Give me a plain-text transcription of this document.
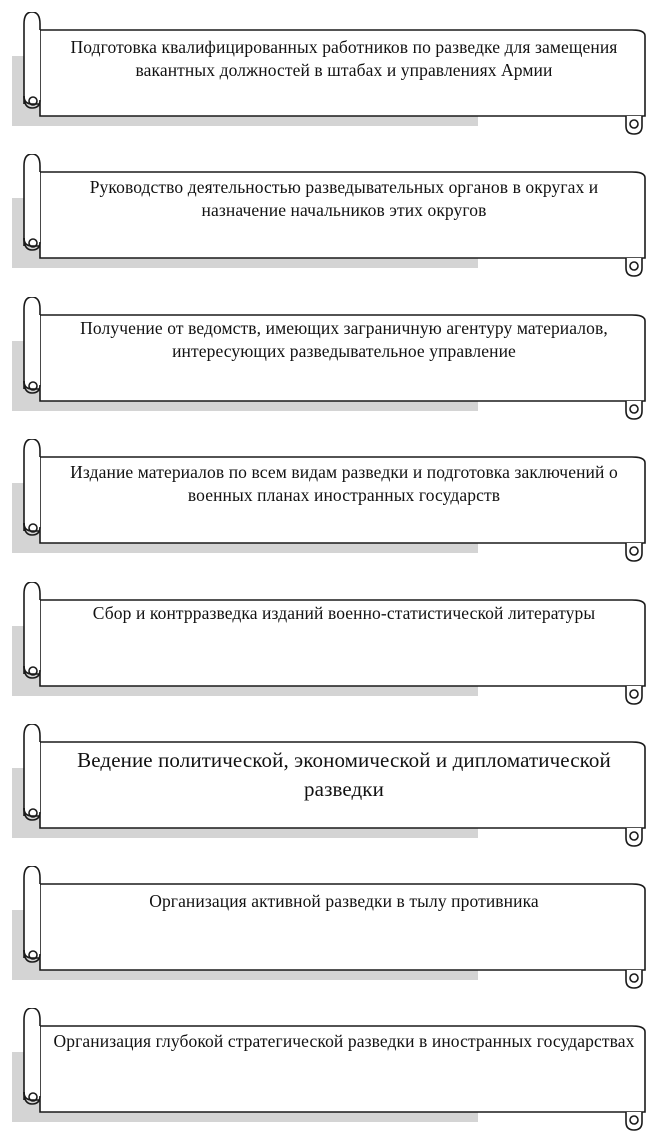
Подготовка квалифицированных работников по разведке для замещения вакантных должностей в штабах и управлениях Армии
Руководство деятельностью разведывательных органов в округах и назначение начальников этих округов
Получение от ведомств, имеющих заграничную агентуру материалов, интересующих разведывательное управление
Издание материалов по всем видам разведки и подготовка заключений о военных планах иностранных государств
Сбор и контрразведка изданий военно-статистической литературы
Ведение политической, экономической и дипломатической разведки
Организация активной разведки в тылу противника
Организация глубокой стратегической разведки в иностранных государствах
